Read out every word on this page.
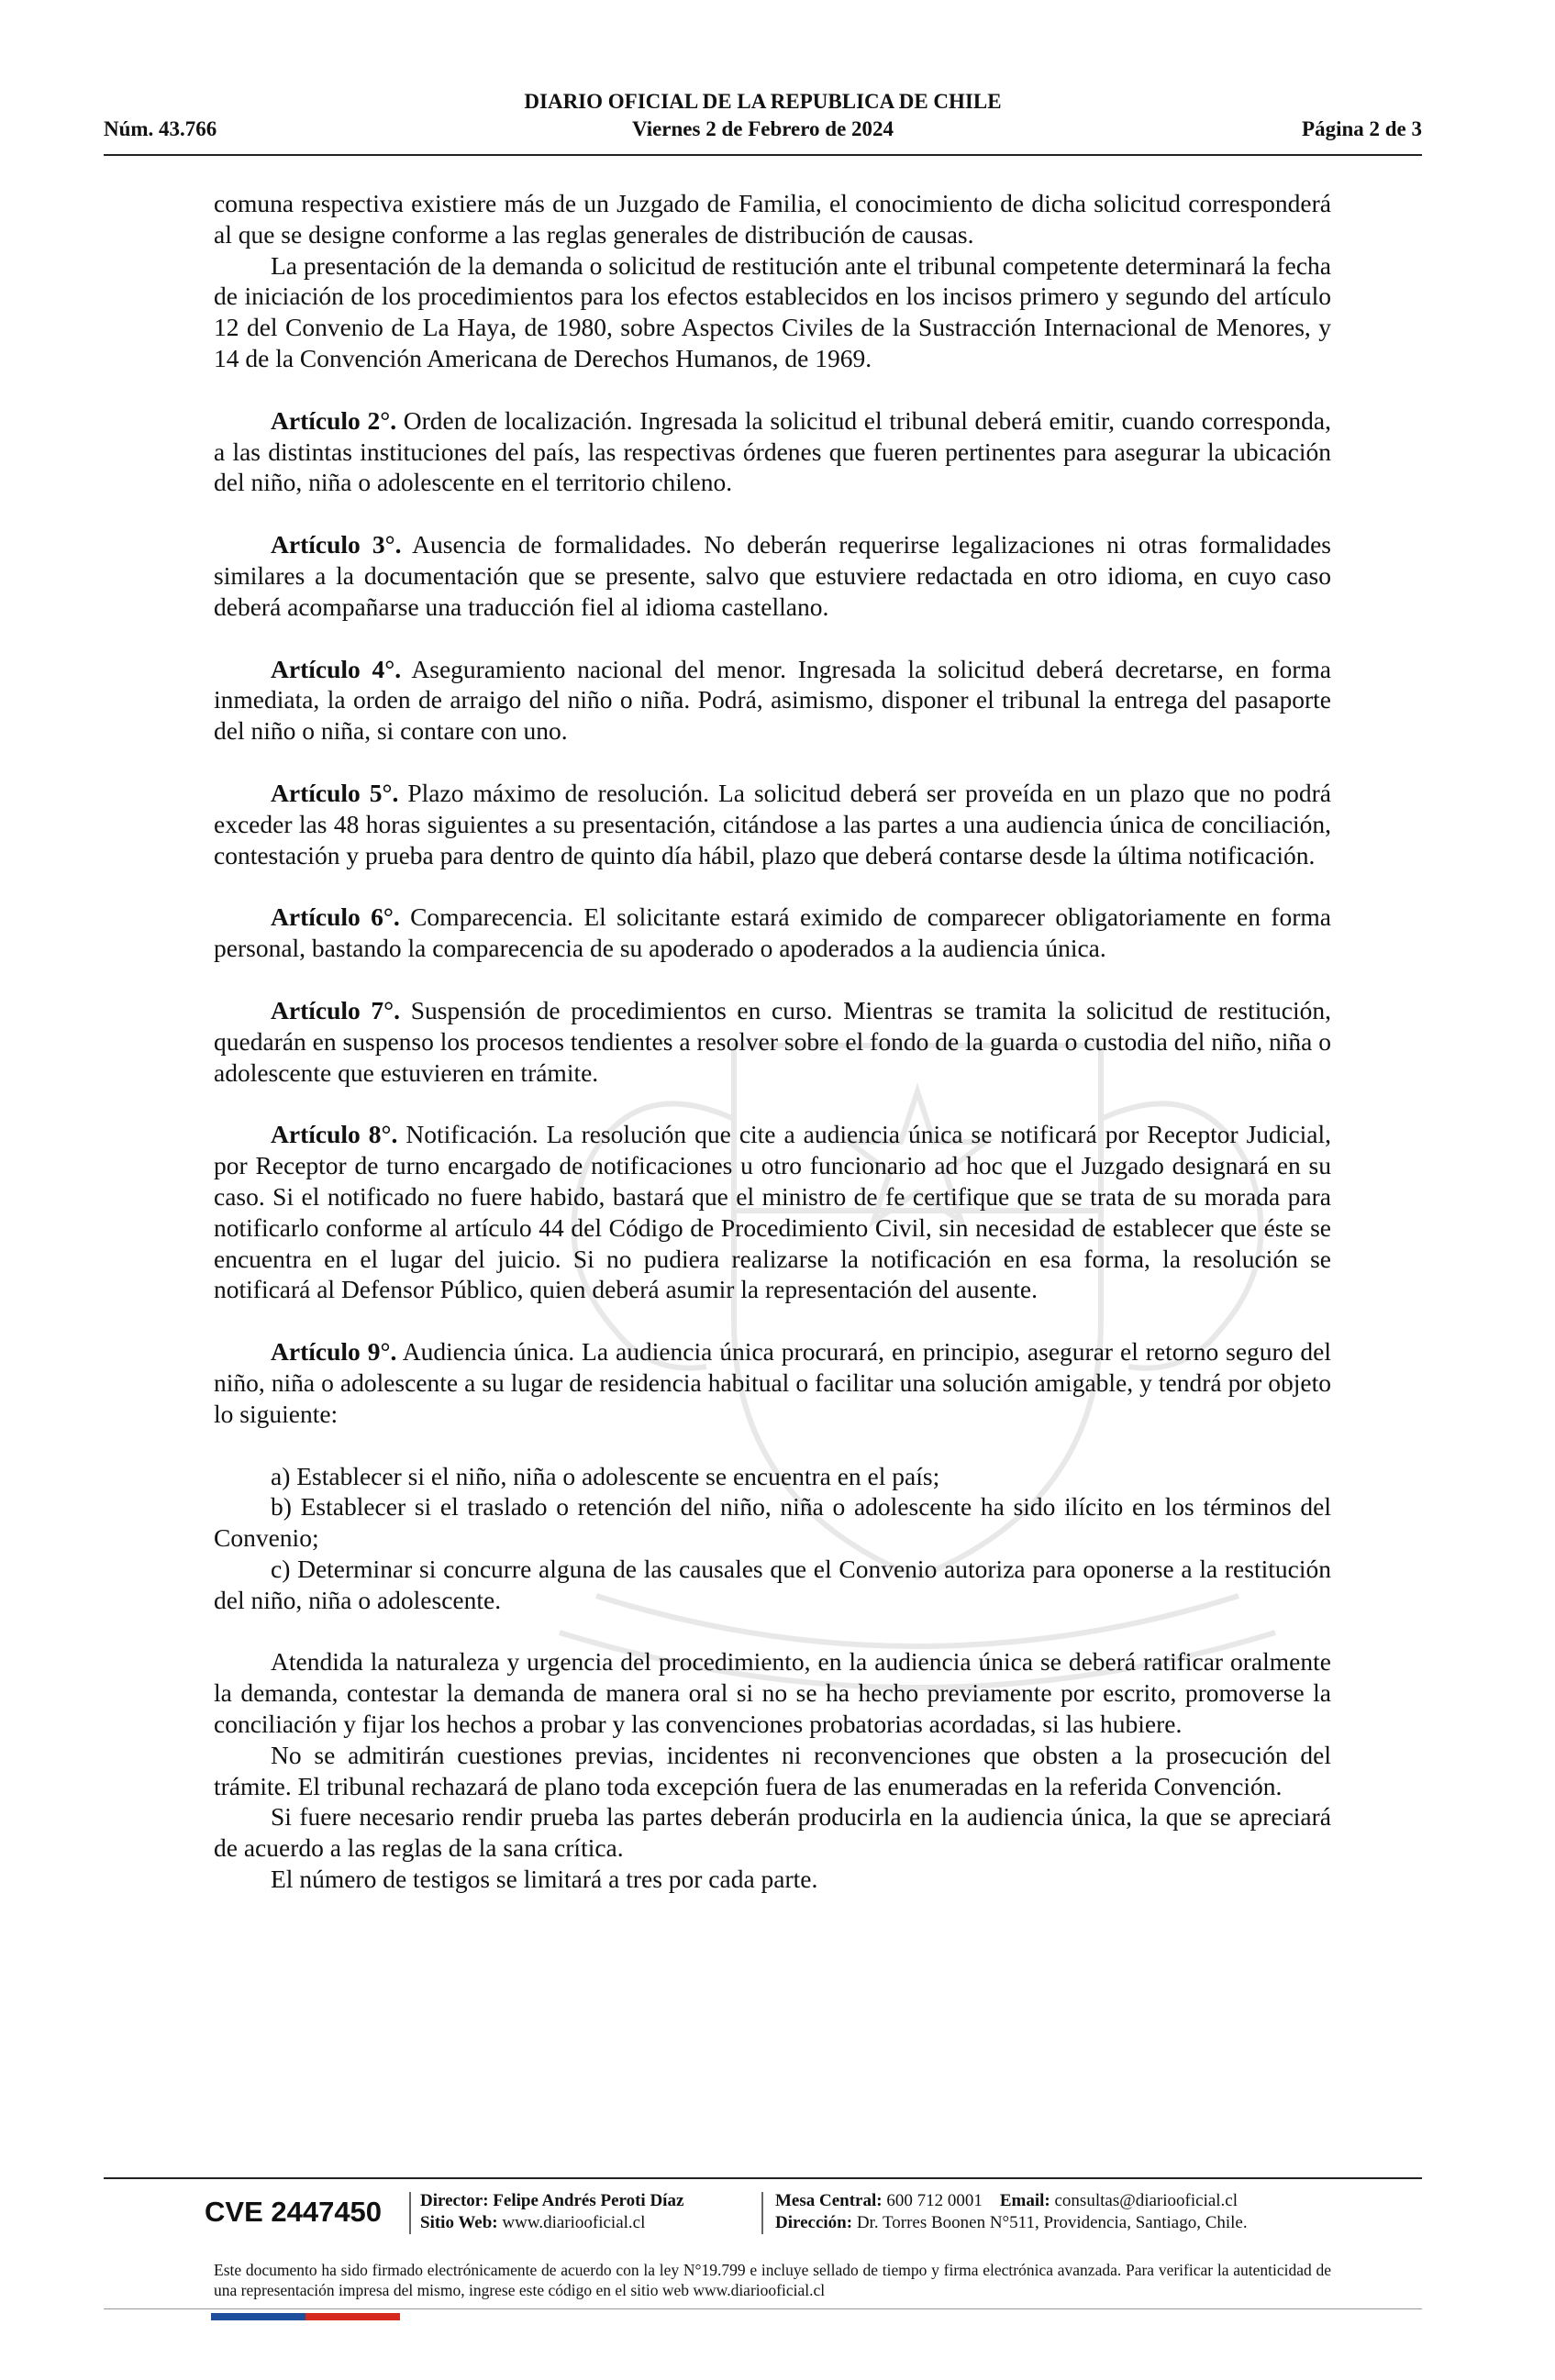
DIARIO OFICIAL DE LA REPUBLICA DE CHILE
Núm. 43.766	Viernes 2 de Febrero de 2024	Página 2 de 3

comuna respectiva existiere más de un Juzgado de Familia, el conocimiento de dicha solicitud corresponderá al que se designe conforme a las reglas generales de distribución de causas.

La presentación de la demanda o solicitud de restitución ante el tribunal competente determinará la fecha de iniciación de los procedimientos para los efectos establecidos en los incisos primero y segundo del artículo 12 del Convenio de La Haya, de 1980, sobre Aspectos Civiles de la Sustracción Internacional de Menores, y 14 de la Convención Americana de Derechos Humanos, de 1969.

Artículo 2°. Orden de localización. Ingresada la solicitud el tribunal deberá emitir, cuando corresponda, a las distintas instituciones del país, las respectivas órdenes que fueren pertinentes para asegurar la ubicación del niño, niña o adolescente en el territorio chileno.

Artículo 3°. Ausencia de formalidades. No deberán requerirse legalizaciones ni otras formalidades similares a la documentación que se presente, salvo que estuviere redactada en otro idioma, en cuyo caso deberá acompañarse una traducción fiel al idioma castellano.

Artículo 4°. Aseguramiento nacional del menor. Ingresada la solicitud deberá decretarse, en forma inmediata, la orden de arraigo del niño o niña. Podrá, asimismo, disponer el tribunal la entrega del pasaporte del niño o niña, si contare con uno.

Artículo 5°. Plazo máximo de resolución. La solicitud deberá ser proveída en un plazo que no podrá exceder las 48 horas siguientes a su presentación, citándose a las partes a una audiencia única de conciliación, contestación y prueba para dentro de quinto día hábil, plazo que deberá contarse desde la última notificación.

Artículo 6°. Comparecencia. El solicitante estará eximido de comparecer obligatoriamente en forma personal, bastando la comparecencia de su apoderado o apoderados a la audiencia única.

Artículo 7°. Suspensión de procedimientos en curso. Mientras se tramita la solicitud de restitución, quedarán en suspenso los procesos tendientes a resolver sobre el fondo de la guarda o custodia del niño, niña o adolescente que estuvieren en trámite.

Artículo 8°. Notificación. La resolución que cite a audiencia única se notificará por Receptor Judicial, por Receptor de turno encargado de notificaciones u otro funcionario ad hoc que el Juzgado designará en su caso. Si el notificado no fuere habido, bastará que el ministro de fe certifique que se trata de su morada para notificarlo conforme al artículo 44 del Código de Procedimiento Civil, sin necesidad de establecer que éste se encuentra en el lugar del juicio. Si no pudiera realizarse la notificación en esa forma, la resolución se notificará al Defensor Público, quien deberá asumir la representación del ausente.

Artículo 9°. Audiencia única. La audiencia única procurará, en principio, asegurar el retorno seguro del niño, niña o adolescente a su lugar de residencia habitual o facilitar una solución amigable, y tendrá por objeto lo siguiente:

a) Establecer si el niño, niña o adolescente se encuentra en el país;

b) Establecer si el traslado o retención del niño, niña o adolescente ha sido ilícito en los términos del Convenio;

c) Determinar si concurre alguna de las causales que el Convenio autoriza para oponerse a la restitución del niño, niña o adolescente.

Atendida la naturaleza y urgencia del procedimiento, en la audiencia única se deberá ratificar oralmente la demanda, contestar la demanda de manera oral si no se ha hecho previamente por escrito, promoverse la conciliación y fijar los hechos a probar y las convenciones probatorias acordadas, si las hubiere.

No se admitirán cuestiones previas, incidentes ni reconvenciones que obsten a la prosecución del trámite. El tribunal rechazará de plano toda excepción fuera de las enumeradas en la referida Convención.

Si fuere necesario rendir prueba las partes deberán producirla en la audiencia única, la que se apreciará de acuerdo a las reglas de la sana crítica.

El número de testigos se limitará a tres por cada parte.

CVE 2447450 Director: Felipe Andrés Peroti Díaz
Sitio Web: www.diariooficial.cl
Mesa Central: 600 712 0001 Email: consultas@diariooficial.cl
Dirección: Dr. Torres Boonen N°511, Providencia, Santiago, Chile.
Este documento ha sido firmado electrónicamente de acuerdo con la ley N°19.799 e incluye sellado de tiempo y firma electrónica avanzada. Para verificar la autenticidad de una representación impresa del mismo, ingrese este código en el sitio web www.diariooficial.cl
